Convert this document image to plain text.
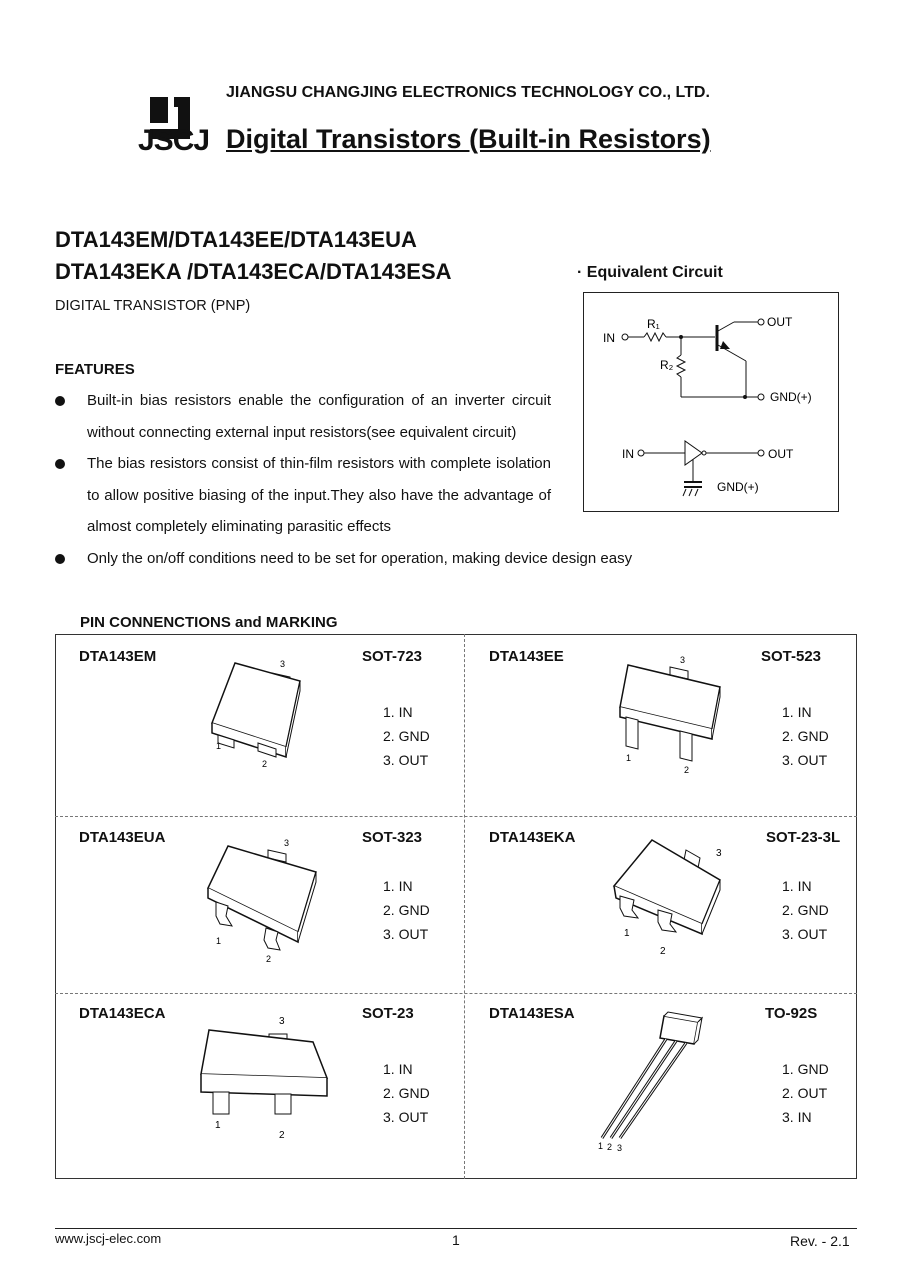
JSCJ
JIANGSU CHANGJING ELECTRONICS TECHNOLOGY CO., LTD.
Digital Transistors (Built-in Resistors)
DTA143EM/DTA143EE/DTA143EUA
DTA143EKA /DTA143ECA/DTA143ESA
DIGITAL TRANSISTOR (PNP)
· Equivalent Circuit
IN
R₁
R₂
OUT
GND(+)
IN	OUT
GND(+)
FEATURES
Built-in bias resistors enable the configuration of an inverter circuit without connecting external input resistors(see equivalent circuit)
The bias resistors consist of thin-film resistors with complete isolation to allow positive biasing of the input.They also have the advantage of almost completely eliminating parasitic effects
Only the on/off conditions need to be set for operation, making device design easy
PIN CONNENCTIONS and MARKING
DTA143EM	SOT-723
1. IN
2. GND
3. OUT
3
1
2
DTA143EE	SOT-523
1. IN
2. GND
3. OUT
3
1
2
DTA143EUA	SOT-323
1. IN
2. GND
3. OUT
3
1
2
DTA143EKA	SOT-23-3L
1. IN
2. GND
3. OUT
3
1
2
DTA143ECA	SOT-23
1. IN
2. GND
3. OUT
3
1
2
DTA143ESA	TO-92S
1. GND
2. OUT
3. IN
1 2 3
www.jscj-elec.com	1	Rev. - 2.1
